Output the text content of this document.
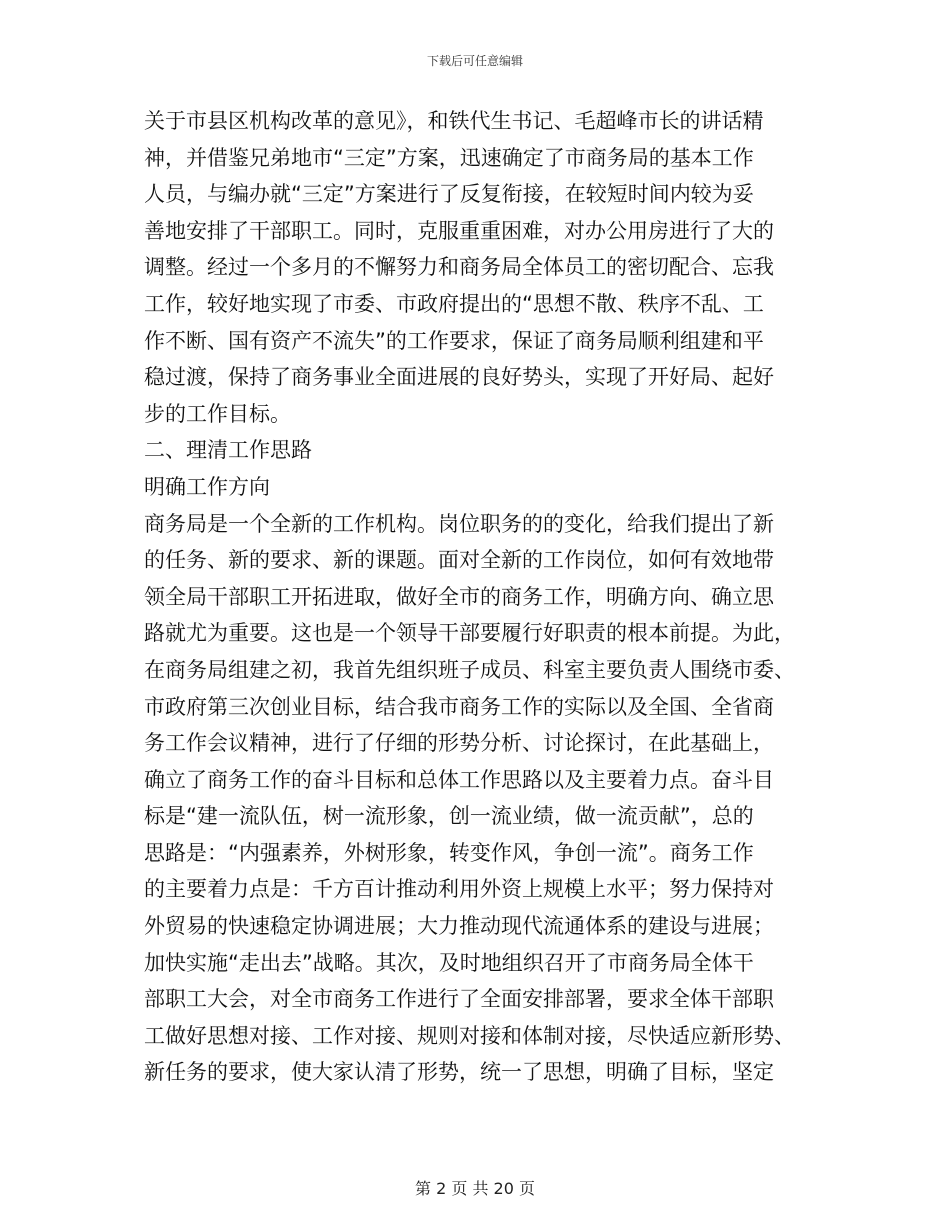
下载后可任意编辑
关于市县区机构改革的意见》，和铁代生书记、毛超峰市长的讲话精
神，并借鉴兄弟地市“三定”方案，迅速确定了市商务局的基本工作
人员，与编办就“三定”方案进行了反复衔接，在较短时间内较为妥
善地安排了干部职工。同时，克服重重困难，对办公用房进行了大的
调整。经过一个多月的不懈努力和商务局全体员工的密切配合、忘我
工作，较好地实现了市委、市政府提出的“思想不散、秩序不乱、工
作不断、国有资产不流失”的工作要求，保证了商务局顺利组建和平
稳过渡，保持了商务事业全面进展的良好势头，实现了开好局、起好
步的工作目标。
二、理清工作思路
明确工作方向
商务局是一个全新的工作机构。岗位职务的的变化，给我们提出了新
的任务、新的要求、新的课题。面对全新的工作岗位，如何有效地带
领全局干部职工开拓进取，做好全市的商务工作，明确方向、确立思
路就尤为重要。这也是一个领导干部要履行好职责的根本前提。为此，
在商务局组建之初，我首先组织班子成员、科室主要负责人围绕市委、
市政府第三次创业目标，结合我市商务工作的实际以及全国、全省商
务工作会议精神，进行了仔细的形势分析、讨论探讨，在此基础上，
确立了商务工作的奋斗目标和总体工作思路以及主要着力点。奋斗目
标是“建一流队伍，树一流形象，创一流业绩，做一流贡献”，总的
思路是：“内强素养，外树形象，转变作风，争创一流”。商务工作
的主要着力点是：千方百计推动利用外资上规模上水平；努力保持对
外贸易的快速稳定协调进展；大力推动现代流通体系的建设与进展；
加快实施“走出去”战略。其次，及时地组织召开了市商务局全体干
部职工大会，对全市商务工作进行了全面安排部署，要求全体干部职
工做好思想对接、工作对接、规则对接和体制对接，尽快适应新形势、
新任务的要求，使大家认清了形势，统一了思想，明确了目标，坚定
第 2 页 共 20 页
